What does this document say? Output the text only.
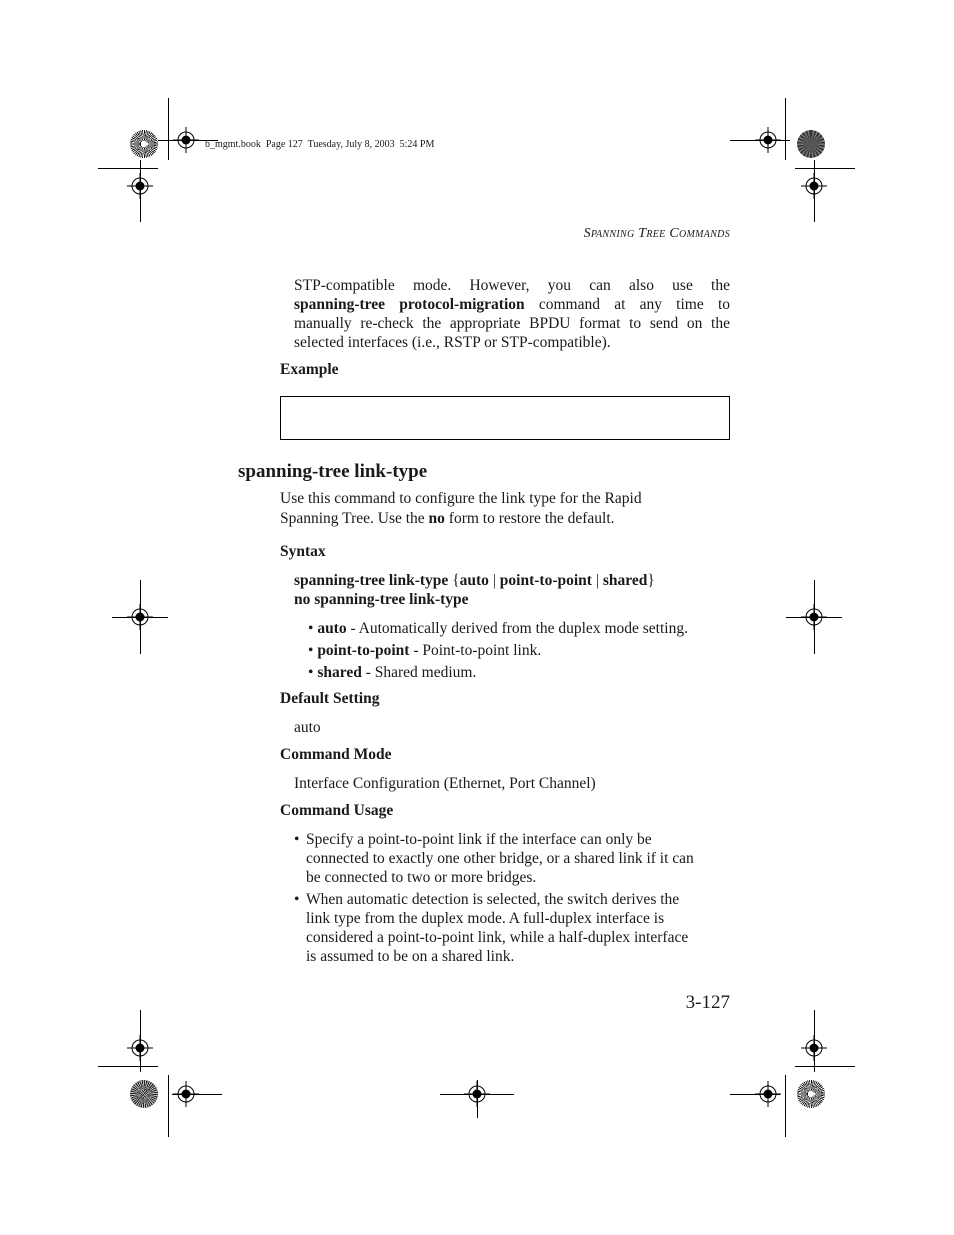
b_mgmt.book  Page 127  Tuesday, July 8, 2003  5:24 PM
Spanning Tree Commands
STP-compatible mode. However, you can also use the
spanning-tree protocol-migration command at any time to
manually re-check the appropriate BPDU format to send on the
selected interfaces (i.e., RSTP or STP-compatible).
Example
spanning-tree link-type
Use this command to configure the link type for the Rapid
Spanning Tree. Use the no form to restore the default.
Syntax
spanning-tree link-type {auto | point-to-point | shared}
no spanning-tree link-type
• auto - Automatically derived from the duplex mode setting.
• point-to-point - Point-to-point link.
• shared - Shared medium.
Default Setting
auto
Command Mode
Interface Configuration (Ethernet, Port Channel)
Command Usage
• Specify a point-to-point link if the interface can only be
connected to exactly one other bridge, or a shared link if it can
be connected to two or more bridges.
• When automatic detection is selected, the switch derives the
link type from the duplex mode. A full-duplex interface is
considered a point-to-point link, while a half-duplex interface
is assumed to be on a shared link.
3-127
